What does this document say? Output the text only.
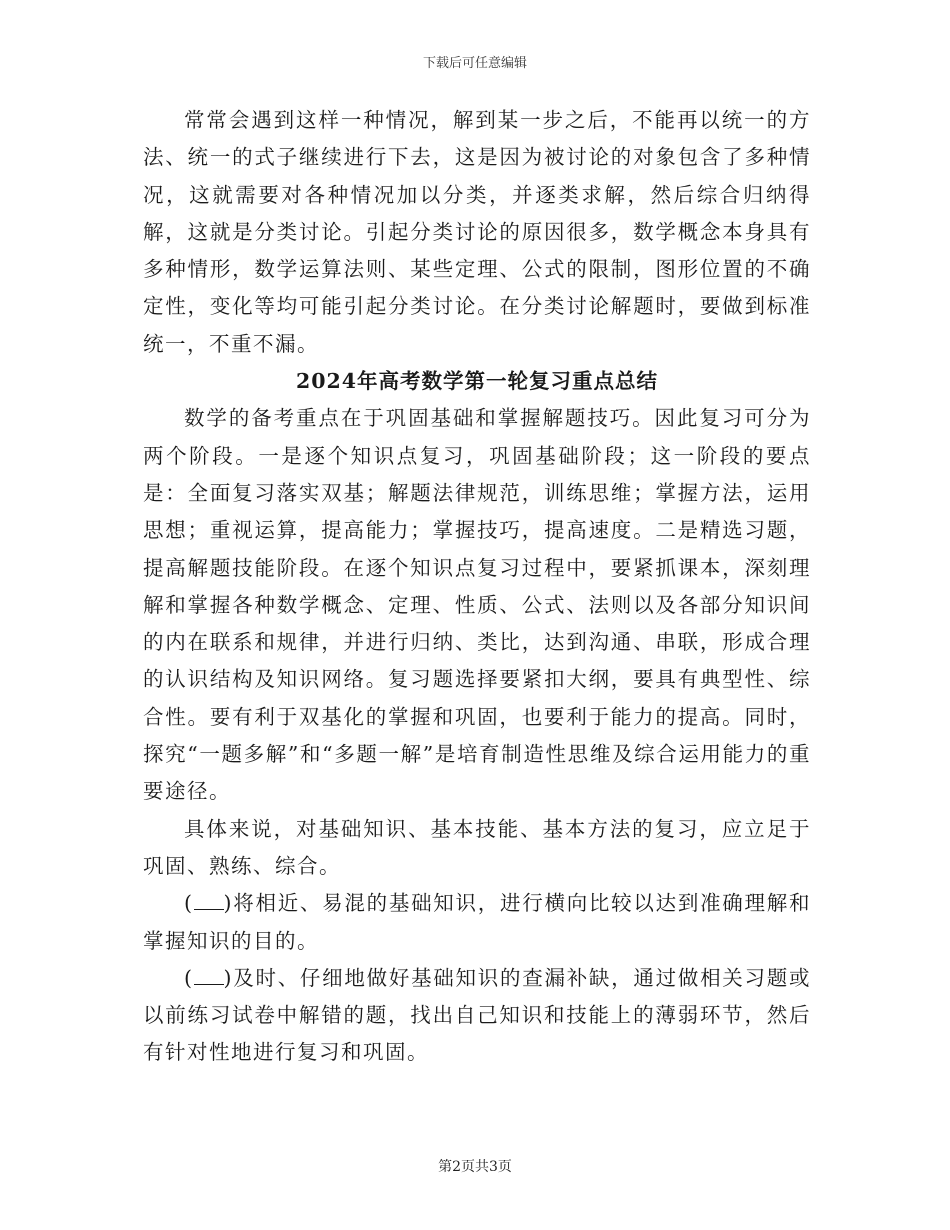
下载后可任意编辑

常常会遇到这样一种情况，解到某一步之后，不能再以统一的方法、统一的式子继续进行下去，这是因为被讨论的对象包含了多种情况，这就需要对各种情况加以分类，并逐类求解，然后综合归纳得解，这就是分类讨论。引起分类讨论的原因很多，数学概念本身具有多种情形，数学运算法则、某些定理、公式的限制，图形位置的不确定性，变化等均可能引起分类讨论。在分类讨论解题时，要做到标准统一，不重不漏。

2024年高考数学第一轮复习重点总结

数学的备考重点在于巩固基础和掌握解题技巧。因此复习可分为两个阶段。一是逐个知识点复习，巩固基础阶段；这一阶段的要点是：全面复习落实双基；解题法律规范，训练思维；掌握方法，运用思想；重视运算，提高能力；掌握技巧，提高速度。二是精选习题，提高解题技能阶段。在逐个知识点复习过程中，要紧抓课本，深刻理解和掌握各种数学概念、定理、性质、公式、法则以及各部分知识间的内在联系和规律，并进行归纳、类比，达到沟通、串联，形成合理的认识结构及知识网络。复习题选择要紧扣大纲，要具有典型性、综合性。要有利于双基化的掌握和巩固，也要利于能力的提高。同时，探究“一题多解”和“多题一解”是培育制造性思维及综合运用能力的重要途径。

具体来说，对基础知识、基本技能、基本方法的复习，应立足于巩固、熟练、综合。

( )将相近、易混的基础知识，进行横向比较以达到准确理解和掌握知识的目的。

( )及时、仔细地做好基础知识的查漏补缺，通过做相关习题或以前练习试卷中解错的题，找出自己知识和技能上的薄弱环节，然后有针对性地进行复习和巩固。

第2页共3页
